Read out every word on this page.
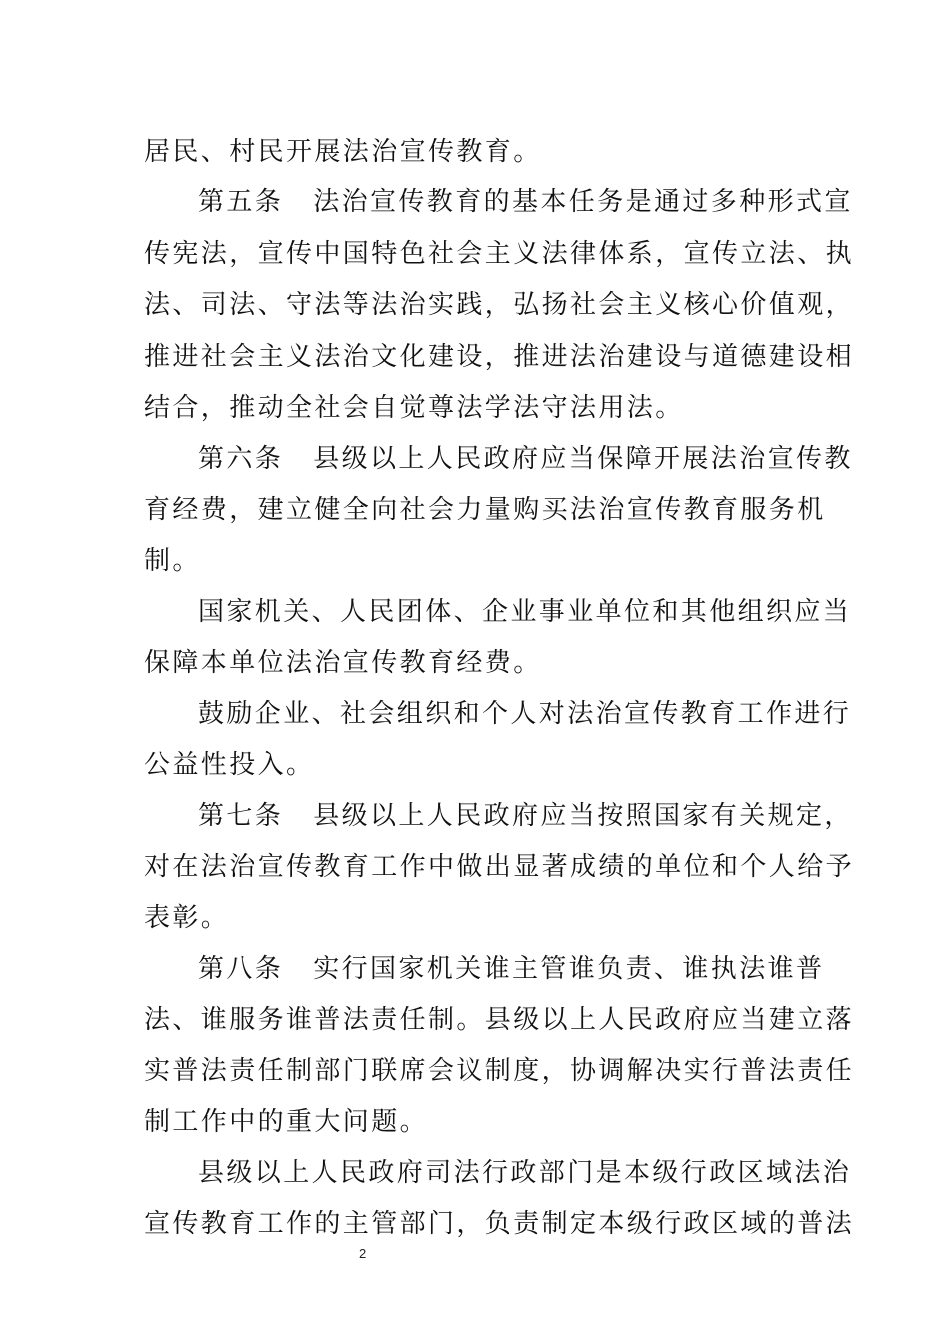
居民、村民开展法治宣传教育。
第五条 法治宣传教育的基本任务是通过多种形式宣
传宪法，宣传中国特色社会主义法律体系，宣传立法、执
法、司法、守法等法治实践，弘扬社会主义核心价值观，
推进社会主义法治文化建设，推进法治建设与道德建设相
结合，推动全社会自觉尊法学法守法用法。
第六条 县级以上人民政府应当保障开展法治宣传教
育经费，建立健全向社会力量购买法治宣传教育服务机
制。
国家机关、人民团体、企业事业单位和其他组织应当
保障本单位法治宣传教育经费。
鼓励企业、社会组织和个人对法治宣传教育工作进行
公益性投入。
第七条 县级以上人民政府应当按照国家有关规定，
对在法治宣传教育工作中做出显著成绩的单位和个人给予
表彰。
第八条 实行国家机关谁主管谁负责、谁执法谁普
法、谁服务谁普法责任制。县级以上人民政府应当建立落
实普法责任制部门联席会议制度，协调解决实行普法责任
制工作中的重大问题。
县级以上人民政府司法行政部门是本级行政区域法治
宣传教育工作的主管部门，负责制定本级行政区域的普法
2
